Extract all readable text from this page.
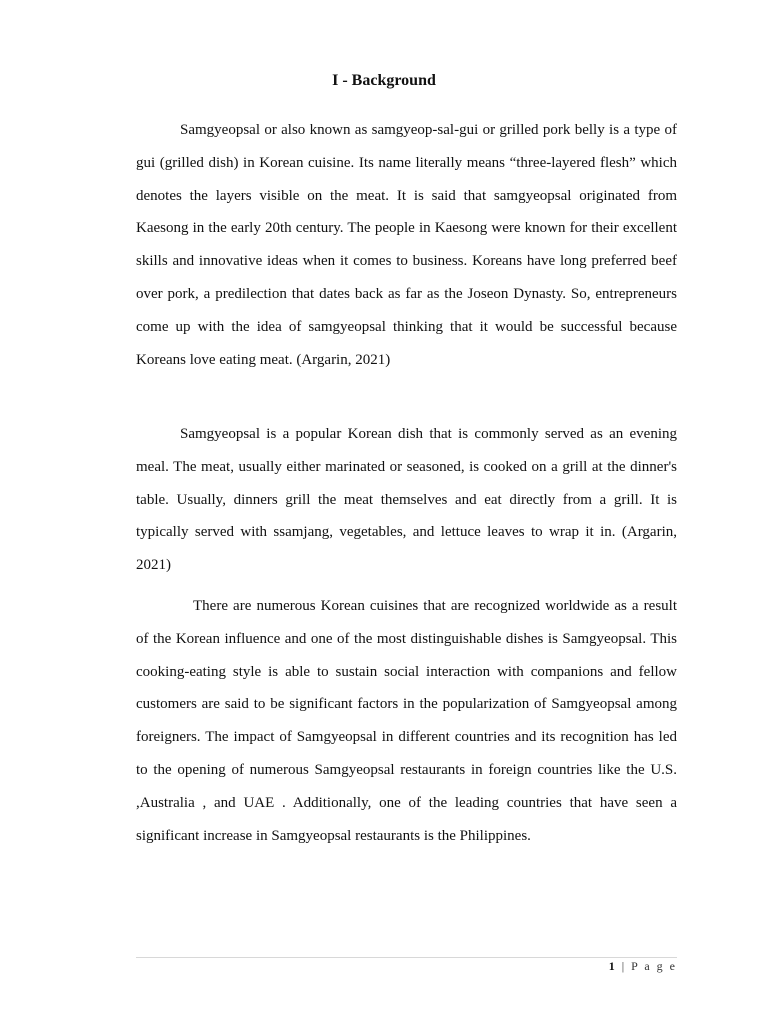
I - Background

Samgyeopsal or also known as samgyeop-sal-gui or grilled pork belly is a type of gui (grilled dish) in Korean cuisine. Its name literally means “three-layered flesh” which denotes the layers visible on the meat. It is said that samgyeopsal originated from Kaesong in the early 20th century. The people in Kaesong were known for their excellent skills and innovative ideas when it comes to business. Koreans have long preferred beef over pork, a predilection that dates back as far as the Joseon Dynasty. So, entrepreneurs come up with the idea of samgyeopsal thinking that it would be successful because Koreans love eating meat. (Argarin, 2021)

Samgyeopsal is a popular Korean dish that is commonly served as an evening meal. The meat, usually either marinated or seasoned, is cooked on a grill at the dinner's table. Usually, dinners grill the meat themselves and eat directly from a grill. It is typically served with ssamjang, vegetables, and lettuce leaves to wrap it in. (Argarin, 2021)

There are numerous Korean cuisines that are recognized worldwide as a result of the Korean influence and one of the most distinguishable dishes is Samgyeopsal. This cooking-eating style is able to sustain social interaction with companions and fellow customers are said to be significant factors in the popularization of Samgyeopsal among foreigners. The impact of Samgyeopsal in different countries and its recognition has led to the opening of numerous Samgyeopsal restaurants in foreign countries like the U.S. ,Australia , and UAE . Additionally, one of the leading countries that have seen a significant increase in Samgyeopsal restaurants is the Philippines.

1 | P a g e
